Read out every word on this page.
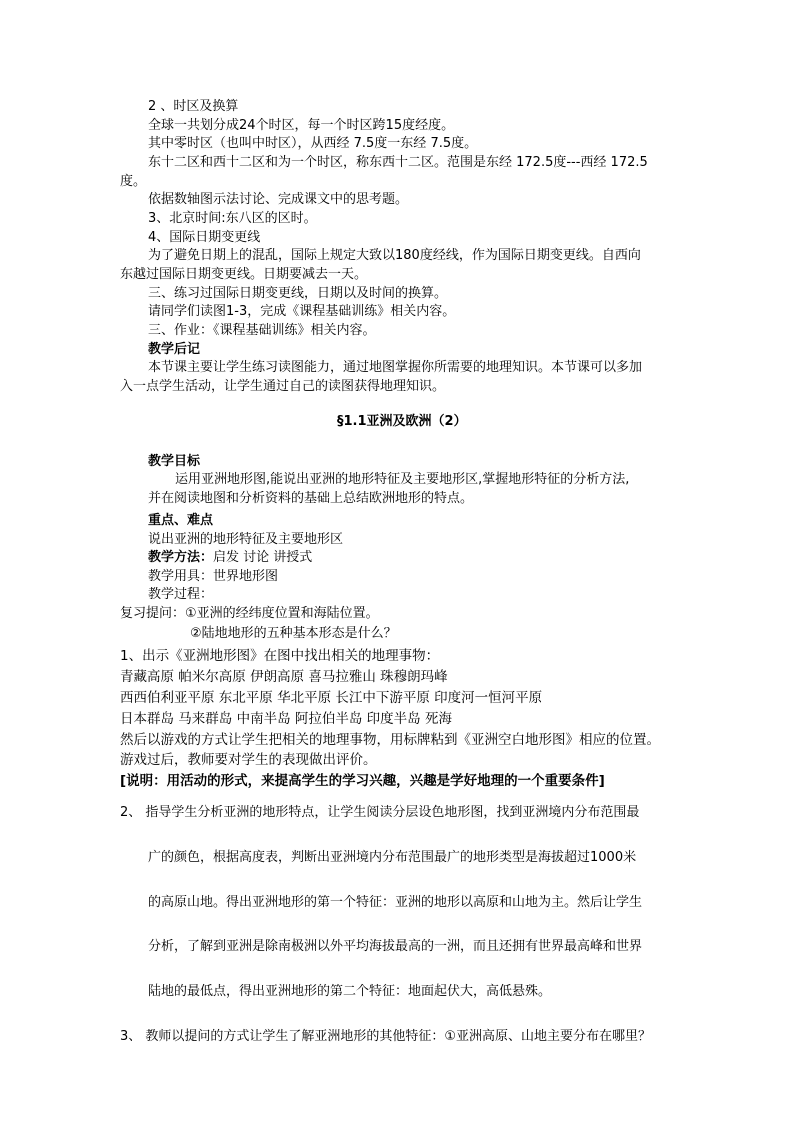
2 、时区及换算
全球一共划分成24个时区，每一个时区跨15度经度。
其中零时区（也叫中时区），从西经 7.5度一东经 7.5度。
东十二区和西十二区和为一个时区，称东西十二区。范围是东经 172.5度---西经 172.5
度。
依据数轴图示法讨论、完成课文中的思考题。
3、北京时间:东八区的区时。
4、国际日期变更线
为了避免日期上的混乱，国际上规定大致以180度经线，作为国际日期变更线。自西向
东越过国际日期变更线。日期要减去一天。
三、练习过国际日期变更线，日期以及时间的换算。
请同学们读图1-3，完成《课程基础训练》相关内容。
三、作业：《课程基础训练》相关内容。
教学后记
本节课主要让学生练习读图能力，通过地图掌握你所需要的地理知识。本节课可以多加
入一点学生活动，让学生通过自己的读图获得地理知识。
§1.1亚洲及欧洲（2）
教学目标
运用亚洲地形图,能说出亚洲的地形特征及主要地形区,掌握地形特征的分析方法,
并在阅读地图和分析资料的基础上总结欧洲地形的特点。
重点、难点
说出亚洲的地形特征及主要地形区
教学方法：启发 讨论 讲授式
教学用具：世界地形图
教学过程：
复习提问：①亚洲的经纬度位置和海陆位置。
②陆地地形的五种基本形态是什么？
1、出示《亚洲地形图》在图中找出相关的地理事物：
青藏高原 帕米尔高原 伊朗高原 喜马拉雅山 珠穆朗玛峰
西西伯利亚平原 东北平原 华北平原 长江中下游平原 印度河一恒河平原
日本群岛 马来群岛 中南半岛 阿拉伯半岛 印度半岛 死海
然后以游戏的方式让学生把相关的地理事物，用标牌粘到《亚洲空白地形图》相应的位置。
游戏过后，教师要对学生的表现做出评价。
[说明：用活动的形式，来提高学生的学习兴趣，兴趣是学好地理的一个重要条件]
2、 指导学生分析亚洲的地形特点，让学生阅读分层设色地形图，找到亚洲境内分布范围最
广的颜色，根据高度表，判断出亚洲境内分布范围最广的地形类型是海拔超过1000米
的高原山地。得出亚洲地形的第一个特征：亚洲的地形以高原和山地为主。然后让学生
分析，了解到亚洲是除南极洲以外平均海拔最高的一洲，而且还拥有世界最高峰和世界
陆地的最低点，得出亚洲地形的第二个特征：地面起伏大，高低悬殊。
3、 教师以提问的方式让学生了解亚洲地形的其他特征：①亚洲高原、山地主要分布在哪里？
